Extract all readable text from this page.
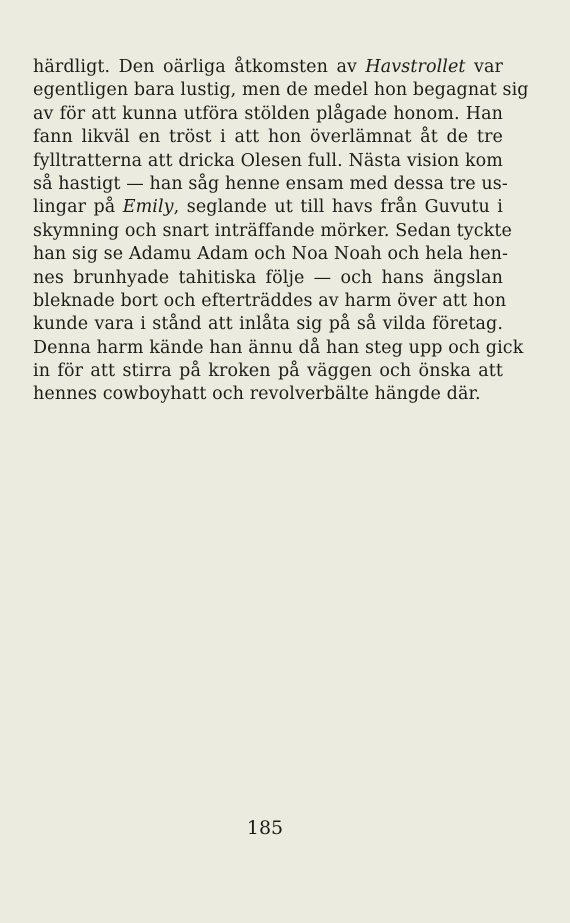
härdligt. Den oärliga åtkomsten av Havstrollet var
egentligen bara lustig, men de medel hon begagnat sig
av för att kunna utföra stölden plågade honom. Han
fann likväl en tröst i att hon överlämnat åt de tre
fylltratterna att dricka Olesen full. Nästa vision kom
så hastigt — han såg henne ensam med dessa tre us-
lingar på Emily, seglande ut till havs från Guvutu i
skymning och snart inträffande mörker. Sedan tyckte
han sig se Adamu Adam och Noa Noah och hela hen-
nes brunhyade tahitiska följe — och hans ängslan
bleknade bort och efterträddes av harm över att hon
kunde vara i stånd att inlåta sig på så vilda företag.
Denna harm kände han ännu då han steg upp och gick
in för att stirra på kroken på väggen och önska att
hennes cowboyhatt och revolverbälte hängde där.
185
